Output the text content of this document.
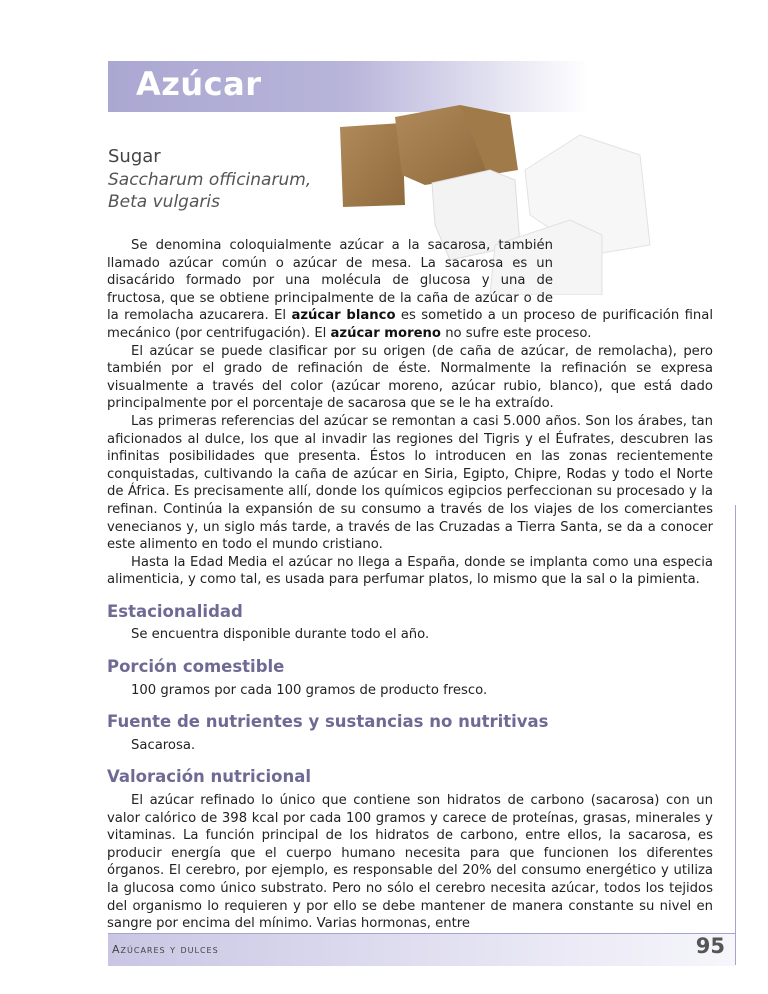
Azúcar
Sugar
Saccharum officinarum,
Beta vulgaris

Se denomina coloquialmente azúcar a la sacarosa, también llamado azúcar común o azúcar de mesa. La sacarosa es un disacárido formado por una molécula de glucosa y una de fructosa, que se obtiene principalmente de la caña de azúcar o de la remolacha azucarera. El azúcar blanco es sometido a un proceso de purificación final mecánico (por centrifugación). El azúcar moreno no sufre este proceso.

El azúcar se puede clasificar por su origen (de caña de azúcar, de remolacha), pero también por el grado de refinación de éste. Normalmente la refinación se expresa visualmente a través del color (azúcar moreno, azúcar rubio, blanco), que está dado principalmente por el porcentaje de sacarosa que se le ha extraído.

Las primeras referencias del azúcar se remontan a casi 5.000 años. Son los árabes, tan aficionados al dulce, los que al invadir las regiones del Tigris y el Éufrates, descubren las infinitas posibilidades que presenta. Éstos lo introducen en las zonas recientemente conquistadas, cultivando la caña de azúcar en Siria, Egipto, Chipre, Rodas y todo el Norte de África. Es precisamente allí, donde los químicos egipcios perfeccionan su procesado y la refinan. Continúa la expansión de su consumo a través de los viajes de los comerciantes venecianos y, un siglo más tarde, a través de las Cruzadas a Tierra Santa, se da a conocer este alimento en todo el mundo cristiano.

Hasta la Edad Media el azúcar no llega a España, donde se implanta como una especia alimenticia, y como tal, es usada para perfumar platos, lo mismo que la sal o la pimienta.

Estacionalidad

Se encuentra disponible durante todo el año.

Porción comestible

100 gramos por cada 100 gramos de producto fresco.

Fuente de nutrientes y sustancias no nutritivas

Sacarosa.

Valoración nutricional

El azúcar refinado lo único que contiene son hidratos de carbono (sacarosa) con un valor calórico de 398 kcal por cada 100 gramos y carece de proteínas, grasas, minerales y vitaminas. La función principal de los hidratos de carbono, entre ellos, la sacarosa, es producir energía que el cuerpo humano necesita para que funcionen los diferentes órganos. El cerebro, por ejemplo, es responsable del 20% del consumo energético y utiliza la glucosa como único substrato. Pero no sólo el cerebro necesita azúcar, todos los tejidos del organismo lo requieren y por ello se debe mantener de manera constante su nivel en sangre por encima del mínimo. Varias hormonas, entre

Azúcares y dulces	95
